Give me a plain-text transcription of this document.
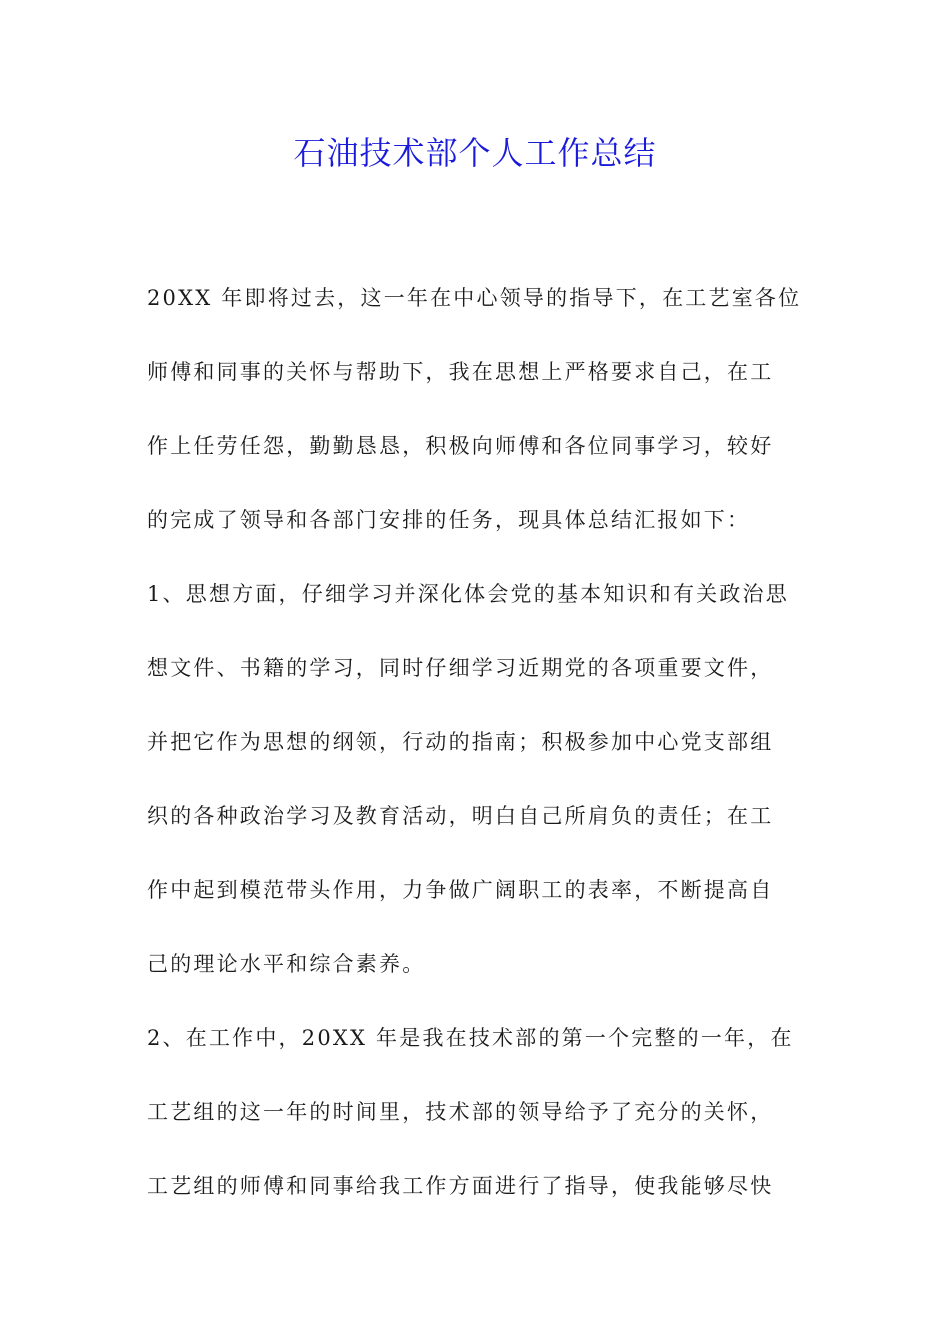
石油技术部个人工作总结
20XX 年即将过去，这一年在中心领导的指导下，在工艺室各位
师傅和同事的关怀与帮助下，我在思想上严格要求自己，在工
作上任劳任怨，勤勤恳恳，积极向师傅和各位同事学习，较好
的完成了领导和各部门安排的任务，现具体总结汇报如下：
1、思想方面，仔细学习并深化体会党的基本知识和有关政治思
想文件、书籍的学习，同时仔细学习近期党的各项重要文件，
并把它作为思想的纲领，行动的指南；积极参加中心党支部组
织的各种政治学习及教育活动，明白自己所肩负的责任；在工
作中起到模范带头作用，力争做广阔职工的表率，不断提高自
己的理论水平和综合素养。
2、在工作中，20XX 年是我在技术部的第一个完整的一年，在
工艺组的这一年的时间里，技术部的领导给予了充分的关怀，
工艺组的师傅和同事给我工作方面进行了指导，使我能够尽快
